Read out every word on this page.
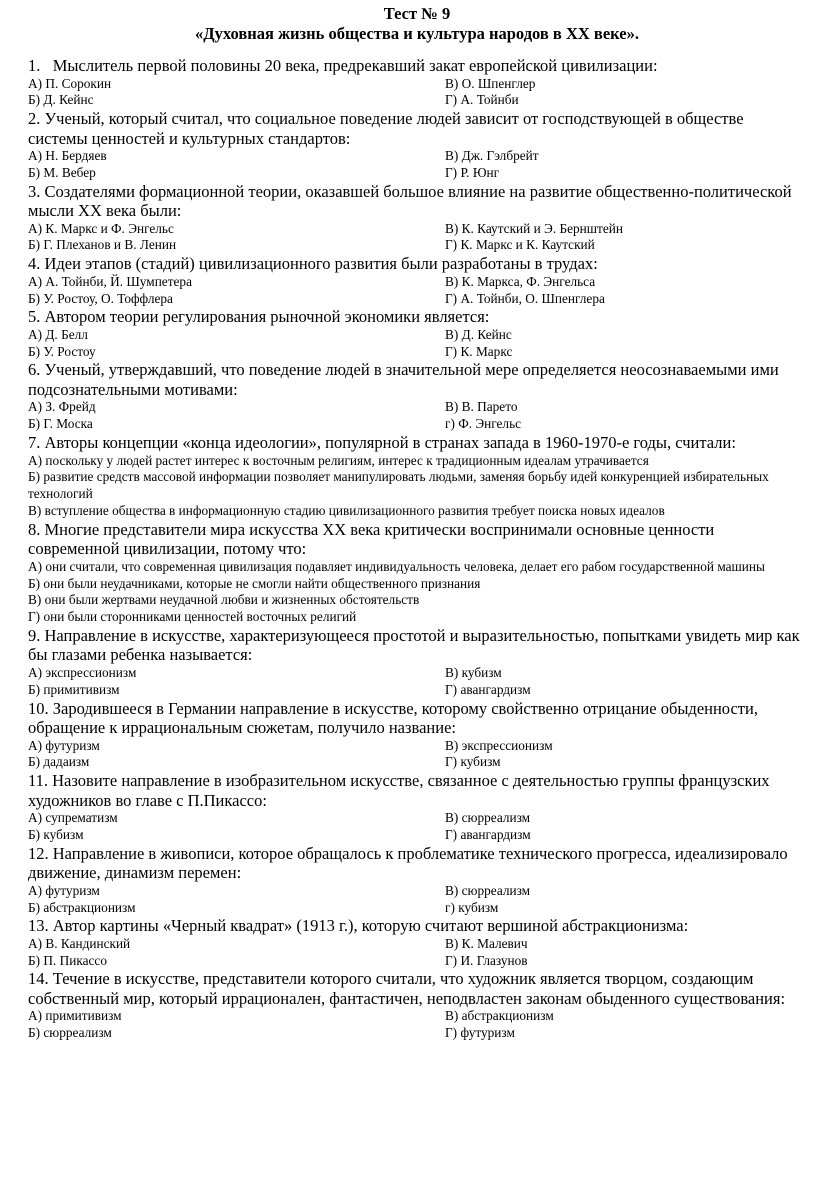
Тест № 9
«Духовная жизнь общества и культура народов в XX веке».
1.   Мыслитель первой половины 20 века, предрекавший закат европейской цивилизации:
А) П. Сорокин	В) О. Шпенглер
Б) Д. Кейнс	Г) А. Тойнби
2. Ученый, который считал, что социальное поведение людей зависит от господствующей в обществе системы ценностей и культурных стандартов:
А) Н. Бердяев	В) Дж. Гэлбрейт
Б) М. Вебер	Г) Р. Юнг
3. Создателями формационной теории, оказавшей большое влияние на развитие общественно-политической мысли XX века были:
А) К. Маркс и Ф. Энгельс	В) К. Каутский и Э. Бернштейн
Б) Г. Плеханов и В. Ленин	Г) К. Маркс и К. Каутский
4. Идеи этапов (стадий) цивилизационного развития были разработаны в трудах:
А) А. Тойнби, Й. Шумпетера	В) К. Маркса, Ф. Энгельса
Б) У. Ростоу, О. Тоффлера	Г) А. Тойнби, О. Шпенглера
5. Автором теории регулирования рыночной экономики является:
А) Д. Белл	В) Д. Кейнс
Б) У. Ростоу	Г) К. Маркс
6. Ученый, утверждавший, что поведение людей в значительной мере определяется неосознаваемыми ими подсознательными мотивами:
А) З. Фрейд	В) В. Парето
Б) Г. Моска	г) Ф. Энгельс
7. Авторы концепции «конца идеологии», популярной в странах запада в 1960-1970-е годы, считали:
А) поскольку у людей растет интерес к восточным религиям, интерес к традиционным идеалам утрачивается
Б) развитие средств массовой информации позволяет манипулировать людьми, заменяя борьбу идей конкуренцией избирательных технологий
В) вступление общества в информационную стадию цивилизационного развития требует поиска новых идеалов
8. Многие представители мира искусства XX века критически воспринимали основные ценности современной цивилизации, потому что:
А) они считали, что современная цивилизация подавляет индивидуальность человека, делает его рабом государственной машины
Б) они были неудачниками, которые не смогли найти общественного признания
В) они были жертвами неудачной любви и жизненных обстоятельств
Г) они были сторонниками ценностей восточных религий
9. Направление в искусстве, характеризующееся простотой и выразительностью, попытками увидеть мир как бы глазами ребенка называется:
А) экспрессионизм	В) кубизм
Б) примитивизм	Г) авангардизм
10. Зародившееся в Германии направление в искусстве, которому свойственно отрицание обыденности, обращение к иррациональным сюжетам, получило название:
А) футуризм	В) экспрессионизм
Б) дадаизм	Г) кубизм
11. Назовите направление в изобразительном искусстве, связанное с деятельностью группы французских художников во главе с П.Пикассо:
А) супрематизм	В) сюрреализм
Б) кубизм	Г) авангардизм
12. Направление в живописи, которое обращалось к проблематике технического прогресса, идеализировало движение, динамизм перемен:
А) футуризм	В) сюрреализм
Б) абстракционизм	г) кубизм
13. Автор картины «Черный квадрат» (1913 г.), которую считают вершиной абстракционизма:
А) В. Кандинский	В) К. Малевич
Б) П. Пикассо	Г) И. Глазунов
14. Течение в искусстве, представители которого считали, что художник является творцом, создающим собственный мир, который иррационален, фантастичен, неподвластен законам обыденного существования:
А) примитивизм	В) абстракционизм
Б) сюрреализм	Г) футуризм
